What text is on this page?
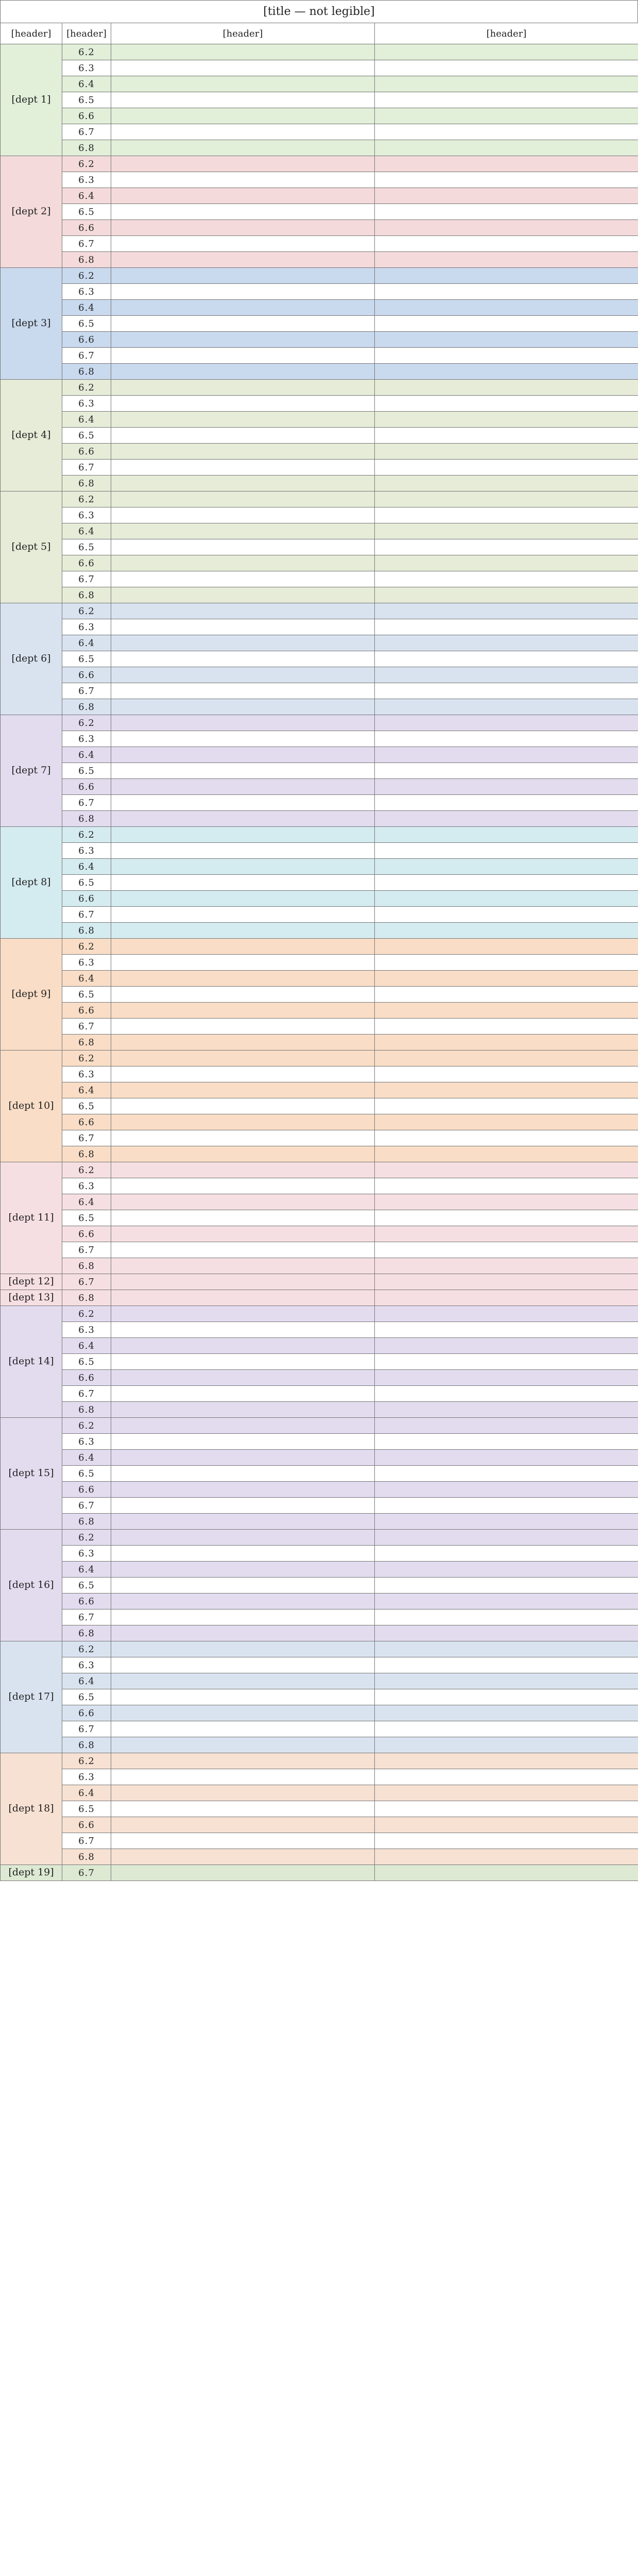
[title — not legible]
[header]	[header]	[header]	[header]
[dept 1]	6.2		
	6.3		
	6.4		
	6.5		
	6.6		
	6.7		
	6.8		
[dept 2]	6.2		
	6.3		
	6.4		
	6.5		
	6.6		
	6.7		
	6.8		
[dept 3]	6.2		
	6.3		
	6.4		
	6.5		
	6.6		
	6.7		
	6.8		
[dept 4]	6.2		
	6.3		
	6.4		
	6.5		
	6.6		
	6.7		
	6.8		
[dept 5]	6.2		
	6.3		
	6.4		
	6.5		
	6.6		
	6.7		
	6.8		
[dept 6]	6.2		
	6.3		
	6.4		
	6.5		
	6.6		
	6.7		
	6.8		
[dept 7]	6.2		
	6.3		
	6.4		
	6.5		
	6.6		
	6.7		
	6.8		
[dept 8]	6.2		
	6.3		
	6.4		
	6.5		
	6.6		
	6.7		
	6.8		
[dept 9]	6.2		
	6.3		
	6.4		
	6.5		
	6.6		
	6.7		
	6.8		
[dept 10]	6.2		
	6.3		
	6.4		
	6.5		
	6.6		
	6.7		
	6.8		
[dept 11]	6.2		
	6.3		
	6.4		
	6.5		
	6.6		
	6.7		
	6.8		
[dept 12]	6.7		
[dept 13]	6.8		
[dept 14]	6.2		
	6.3		
	6.4		
	6.5		
	6.6		
	6.7		
	6.8		
[dept 15]	6.2		
	6.3		
	6.4		
	6.5		
	6.6		
	6.7		
	6.8		
[dept 16]	6.2		
	6.3		
	6.4		
	6.5		
	6.6		
	6.7		
	6.8		
[dept 17]	6.2		
	6.3		
	6.4		
	6.5		
	6.6		
	6.7		
	6.8		
[dept 18]	6.2		
	6.3		
	6.4		
	6.5		
	6.6		
	6.7		
	6.8		
[dept 19]	6.7		
